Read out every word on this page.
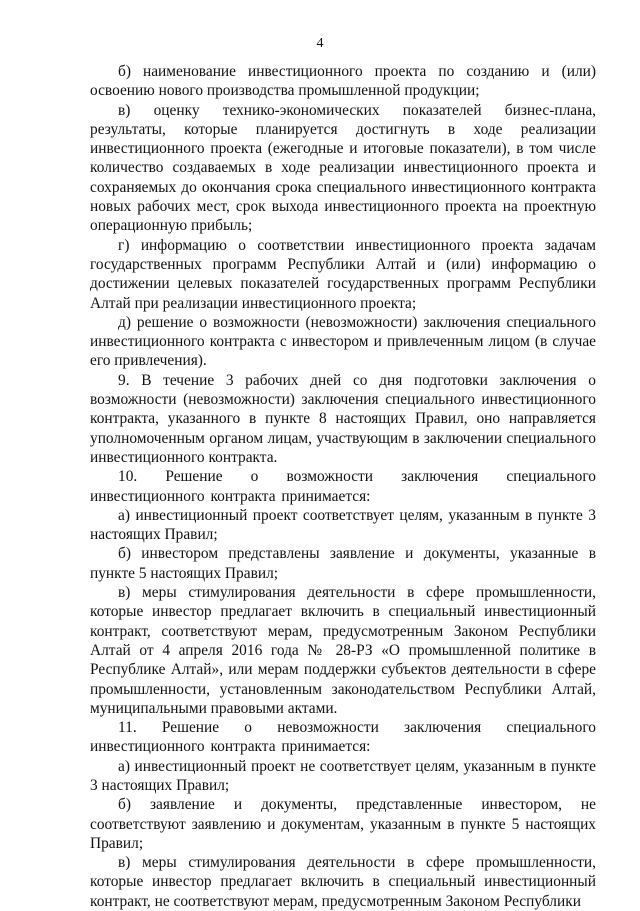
4

б) наименование инвестиционного проекта по созданию и (или) освоению нового производства промышленной продукции;

в) оценку технико-экономических показателей бизнес-плана, результаты, которые планируется достигнуть в ходе реализации инвестиционного проекта (ежегодные и итоговые показатели), в том числе количество создаваемых в ходе реализации инвестиционного проекта и сохраняемых до окончания срока специального инвестиционного контракта новых рабочих мест, срок выхода инвестиционного проекта на проектную операционную прибыль;

г) информацию о соответствии инвестиционного проекта задачам государственных программ Республики Алтай и (или) информацию о достижении целевых показателей государственных программ Республики Алтай при реализации инвестиционного проекта;

д) решение о возможности (невозможности) заключения специального инвестиционного контракта с инвестором и привлеченным лицом (в случае его привлечения).

9. В течение 3 рабочих дней со дня подготовки заключения о возможности (невозможности) заключения специального инвестиционного контракта, указанного в пункте 8 настоящих Правил, оно направляется уполномоченным органом лицам, участвующим в заключении специального инвестиционного контракта.

10. Решение о возможности заключения специального инвестиционного контракта принимается:

а) инвестиционный проект соответствует целям, указанным в пункте 3 настоящих Правил;

б) инвестором представлены заявление и документы, указанные в пункте 5 настоящих Правил;

в) меры стимулирования деятельности в сфере промышленности, которые инвестор предлагает включить в специальный инвестиционный контракт, соответствуют мерам, предусмотренным Законом Республики Алтай от 4 апреля 2016 года № 28-РЗ «О промышленной политике в Республике Алтай», или мерам поддержки субъектов деятельности в сфере промышленности, установленным законодательством Республики Алтай, муниципальными правовыми актами.

11. Решение о невозможности заключения специального инвестиционного контракта принимается:

а) инвестиционный проект не соответствует целям, указанным в пункте 3 настоящих Правил;

б) заявление и документы, представленные инвестором, не соответствуют заявлению и документам, указанным в пункте 5 настоящих Правил;

в) меры стимулирования деятельности в сфере промышленности, которые инвестор предлагает включить в специальный инвестиционный контракт, не соответствуют мерам, предусмотренным Законом Республики
